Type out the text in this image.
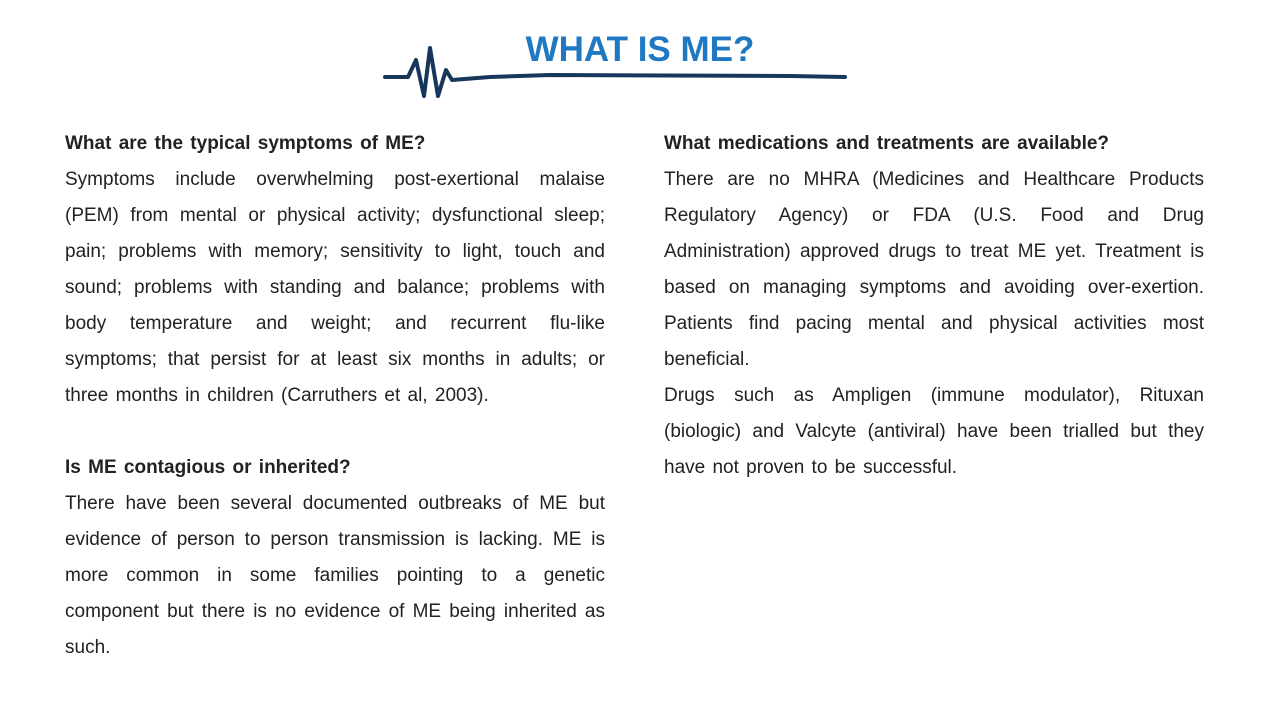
WHAT IS ME?
What are the typical symptoms of ME?
Symptoms include overwhelming post-exertional malaise (PEM) from mental or physical activity; dysfunctional sleep; pain; problems with memory; sensitivity to light, touch and sound; problems with standing and balance; problems with body temperature and weight; and recurrent flu-like symptoms; that persist for at least six months in adults; or three months in children (Carruthers et al, 2003).
Is ME contagious or inherited?
There have been several documented outbreaks of ME but evidence of person to person transmission is lacking. ME is more common in some families pointing to a genetic component but there is no evidence of ME being inherited as such.
What medications and treatments are available?
There are no MHRA (Medicines and Healthcare Products Regulatory Agency) or FDA (U.S. Food and Drug Administration) approved drugs to treat ME yet. Treatment is based on managing symptoms and avoiding over-exertion. Patients find pacing mental and physical activities most beneficial.
Drugs such as Ampligen (immune modulator), Rituxan (biologic) and Valcyte (antiviral) have been trialled but they have not proven to be successful.
